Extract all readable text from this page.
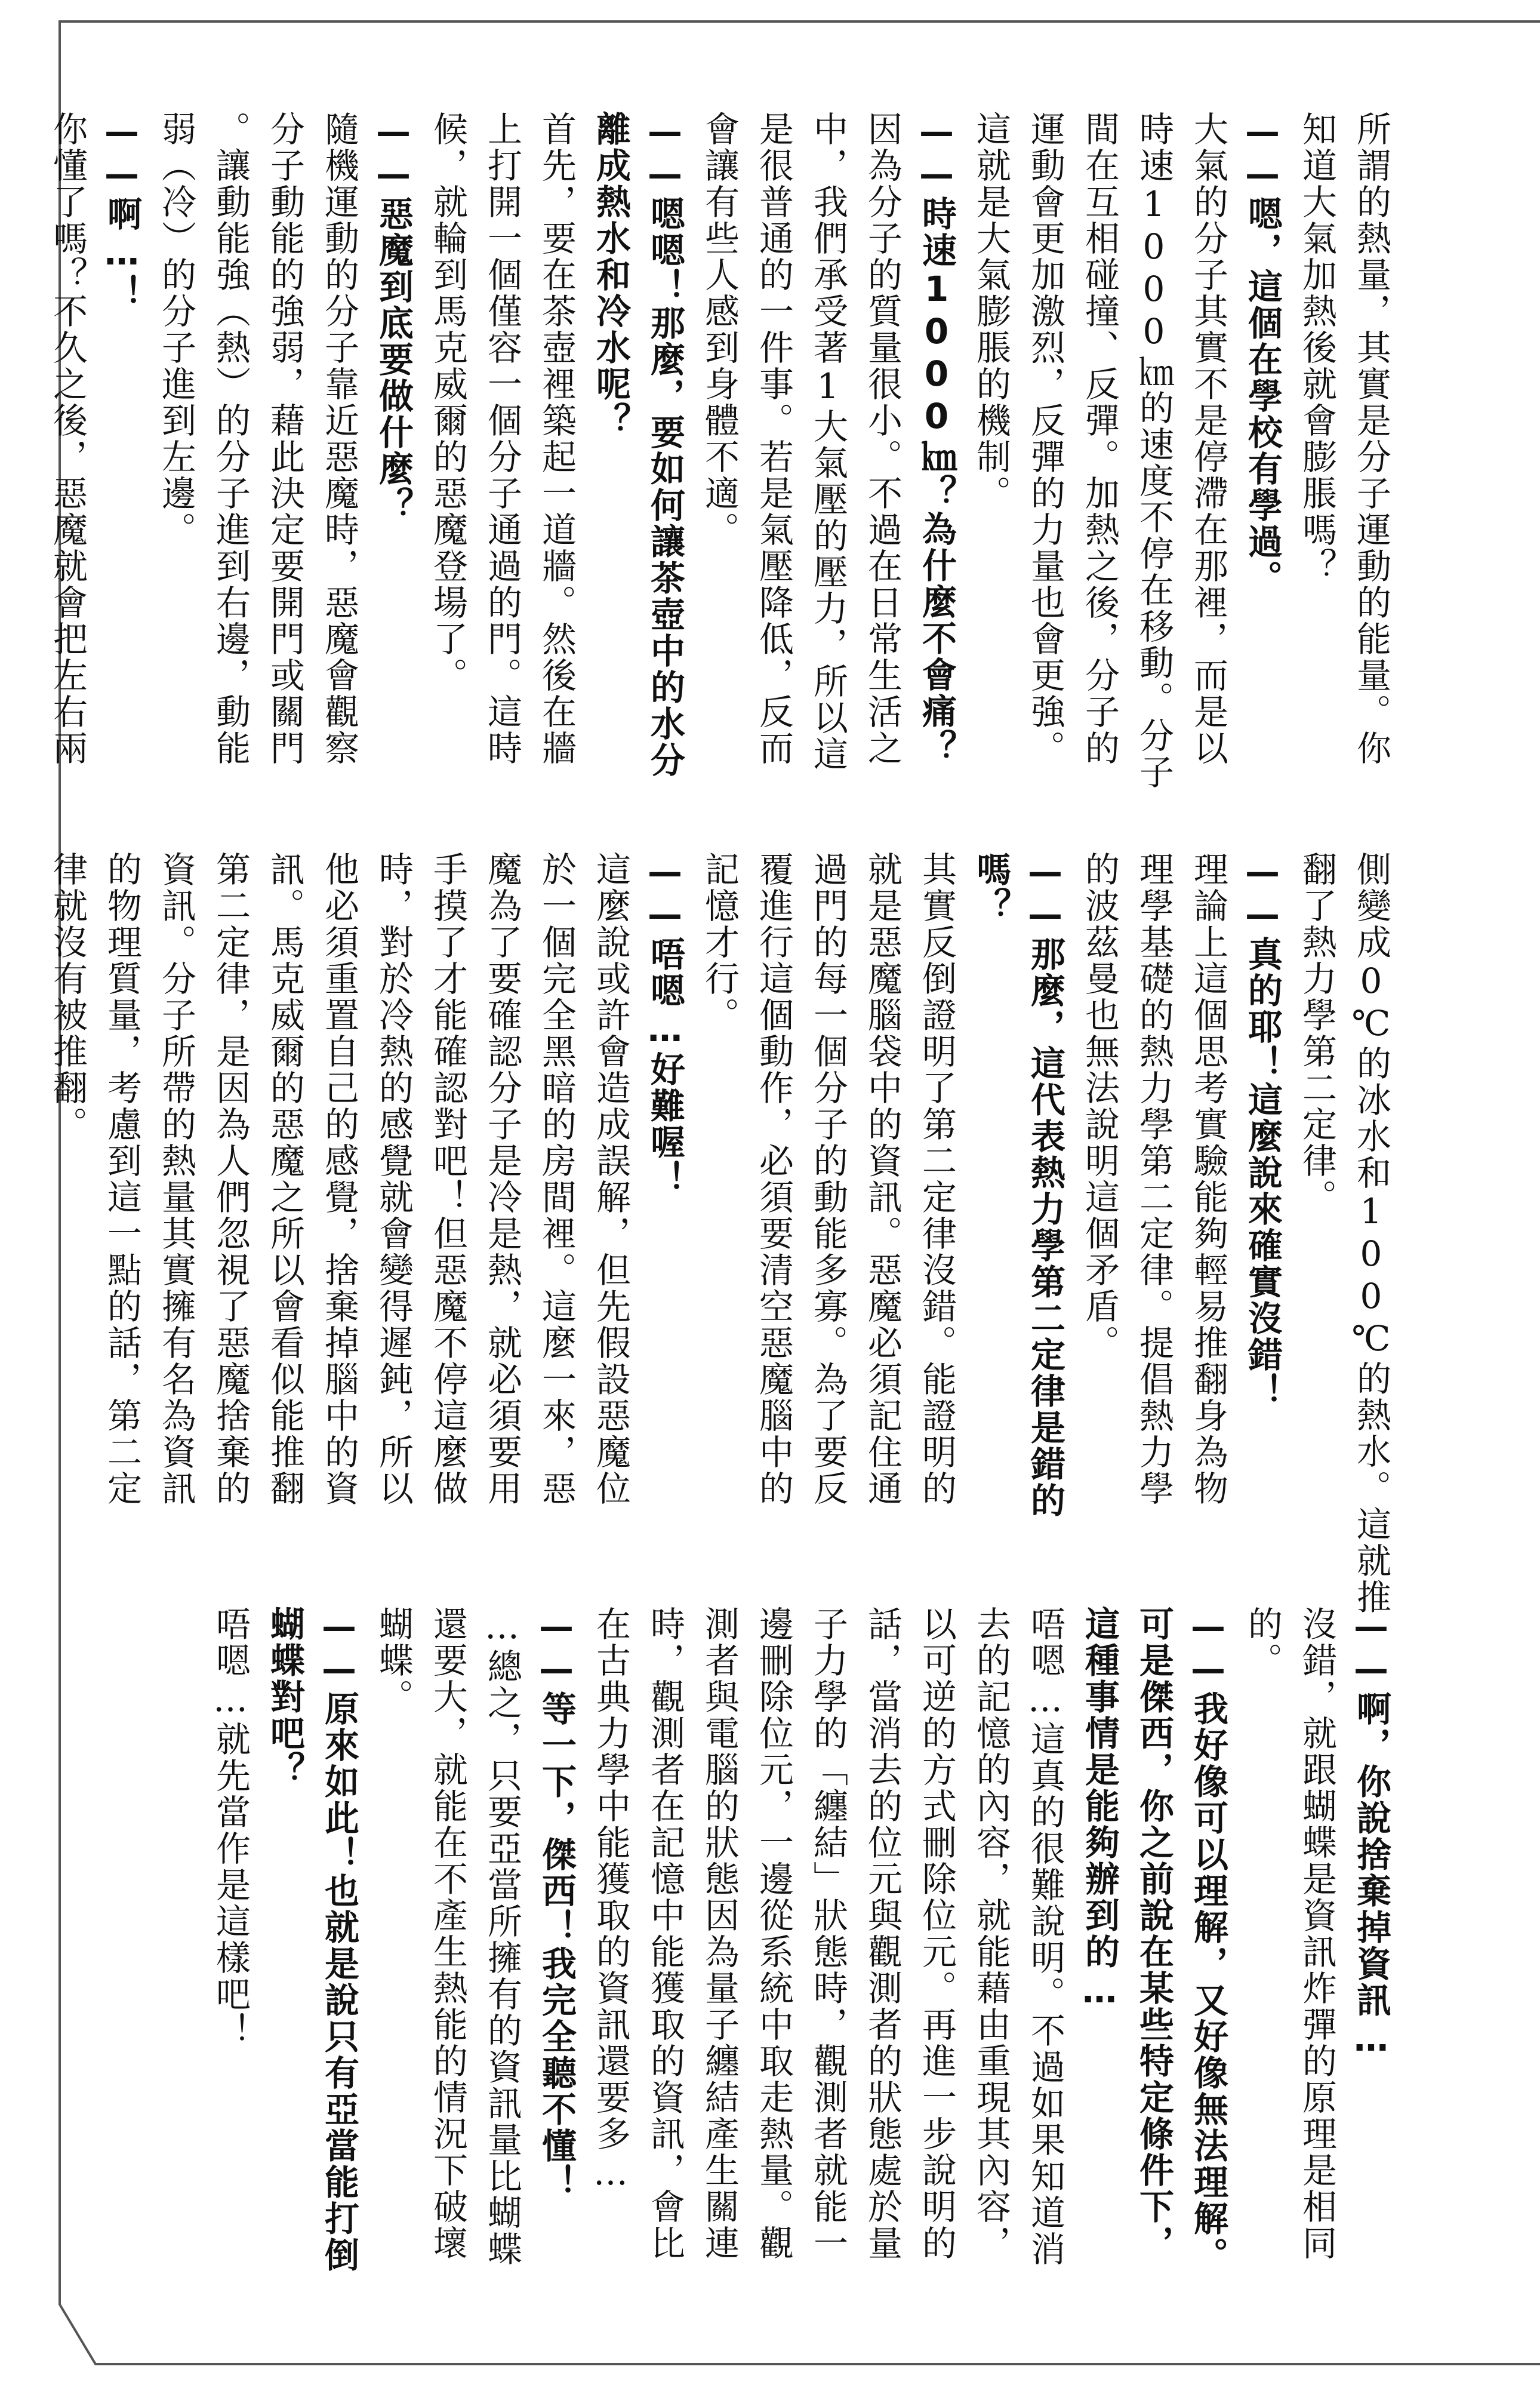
所謂的熱量，其實是分子運動的能量。你
知道大氣加熱後就會膨脹嗎？
——嗯，這個在學校有學過。
大氣的分子其實不是停滯在那裡，而是以
時速1000㎞的速度不停在移動。分子
間在互相碰撞、反彈。加熱之後，分子的
運動會更加激烈，反彈的力量也會更強。
這就是大氣膨脹的機制。
——時速1000㎞？為什麼不會痛？
因為分子的質量很小。不過在日常生活之
中，我們承受著1大氣壓的壓力，所以這
是很普通的一件事。若是氣壓降低，反而
會讓有些人感到身體不適。
——嗯嗯！那麼，要如何讓茶壺中的水分
離成熱水和冷水呢？
首先，要在茶壺裡築起一道牆。然後在牆
上打開一個僅容一個分子通過的門。這時
候，就輪到馬克威爾的惡魔登場了。
——惡魔到底要做什麼？
隨機運動的分子靠近惡魔時，惡魔會觀察
分子動能的強弱，藉此決定要開門或關門
。讓動能強（熱）的分子進到右邊，動能
弱（冷）的分子進到左邊。
——啊…！
你懂了嗎？不久之後，惡魔就會把左右兩
側變成0℃的冰水和100℃的熱水。這就推
翻了熱力學第二定律。
——真的耶！這麼說來確實沒錯！
理論上這個思考實驗能夠輕易推翻身為物
理學基礎的熱力學第二定律。提倡熱力學
的波茲曼也無法說明這個矛盾。
——那麼，這代表熱力學第二定律是錯的
嗎？
其實反倒證明了第二定律沒錯。能證明的
就是惡魔腦袋中的資訊。惡魔必須記住通
過門的每一個分子的動能多寡。為了要反
覆進行這個動作，必須要清空惡魔腦中的
記憶才行。
——唔嗯…好難喔！
這麼說或許會造成誤解，但先假設惡魔位
於一個完全黑暗的房間裡。這麼一來，惡
魔為了要確認分子是冷是熱，就必須要用
手摸了才能確認對吧！但惡魔不停這麼做
時，對於冷熱的感覺就會變得遲鈍，所以
他必須重置自己的感覺，捨棄掉腦中的資
訊。馬克威爾的惡魔之所以會看似能推翻
第二定律，是因為人們忽視了惡魔捨棄的
資訊。分子所帶的熱量其實擁有名為資訊
的物理質量，考慮到這一點的話，第二定
律就沒有被推翻。
——啊，你說捨棄掉資訊…
沒錯，就跟蝴蝶是資訊炸彈的原理是相同
的。
——我好像可以理解，又好像無法理解。
可是傑西，你之前說在某些特定條件下，
這種事情是能夠辦到的…
唔嗯…這真的很難說明。不過如果知道消
去的記憶的內容，就能藉由重現其內容，
以可逆的方式刪除位元。再進一步說明的
話，當消去的位元與觀測者的狀態處於量
子力學的「纏結」狀態時，觀測者就能一
邊刪除位元，一邊從系統中取走熱量。觀
測者與電腦的狀態因為量子纏結產生關連
時，觀測者在記憶中能獲取的資訊，會比
在古典力學中能獲取的資訊還要多…
——等一下，傑西！我完全聽不懂！
…總之，只要亞當所擁有的資訊量比蝴蝶
還要大，就能在不產生熱能的情況下破壞
蝴蝶。
——原來如此！也就是說只有亞當能打倒
蝴蝶對吧？
唔嗯…就先當作是這樣吧！
